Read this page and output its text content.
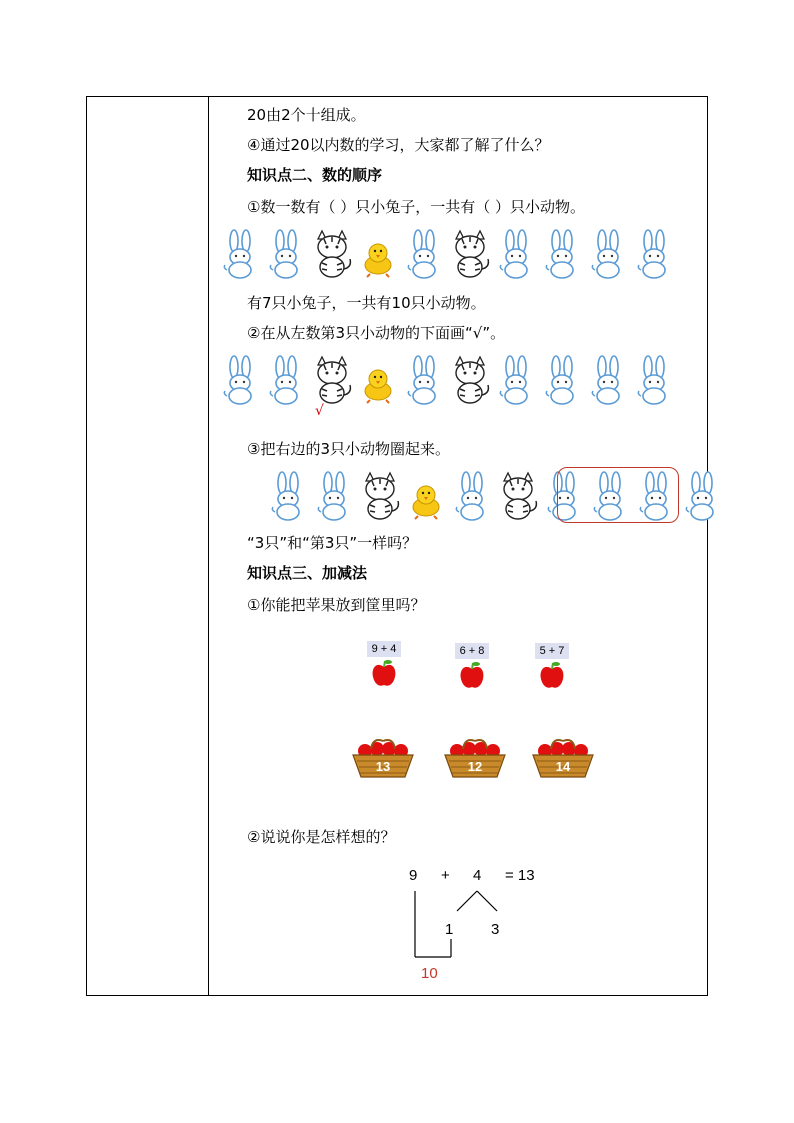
20由2个十组成。
④通过20以内数的学习，大家都了解了什么？
知识点二、数的顺序
①数一数有（ ）只小兔子，一共有（ ）只小动物。
有7只小兔子，一共有10只小动物。
②在从左数第3只小动物的下面画“√”。
√
③把右边的3只小动物圈起来。
“3只”和“第3只”一样吗？
知识点三、加减法
①你能把苹果放到筐里吗？
9 + 4	6 + 8	5 + 7
13	12	14
②说说你是怎样想的？
9 + 4 = 13
1	3
10
